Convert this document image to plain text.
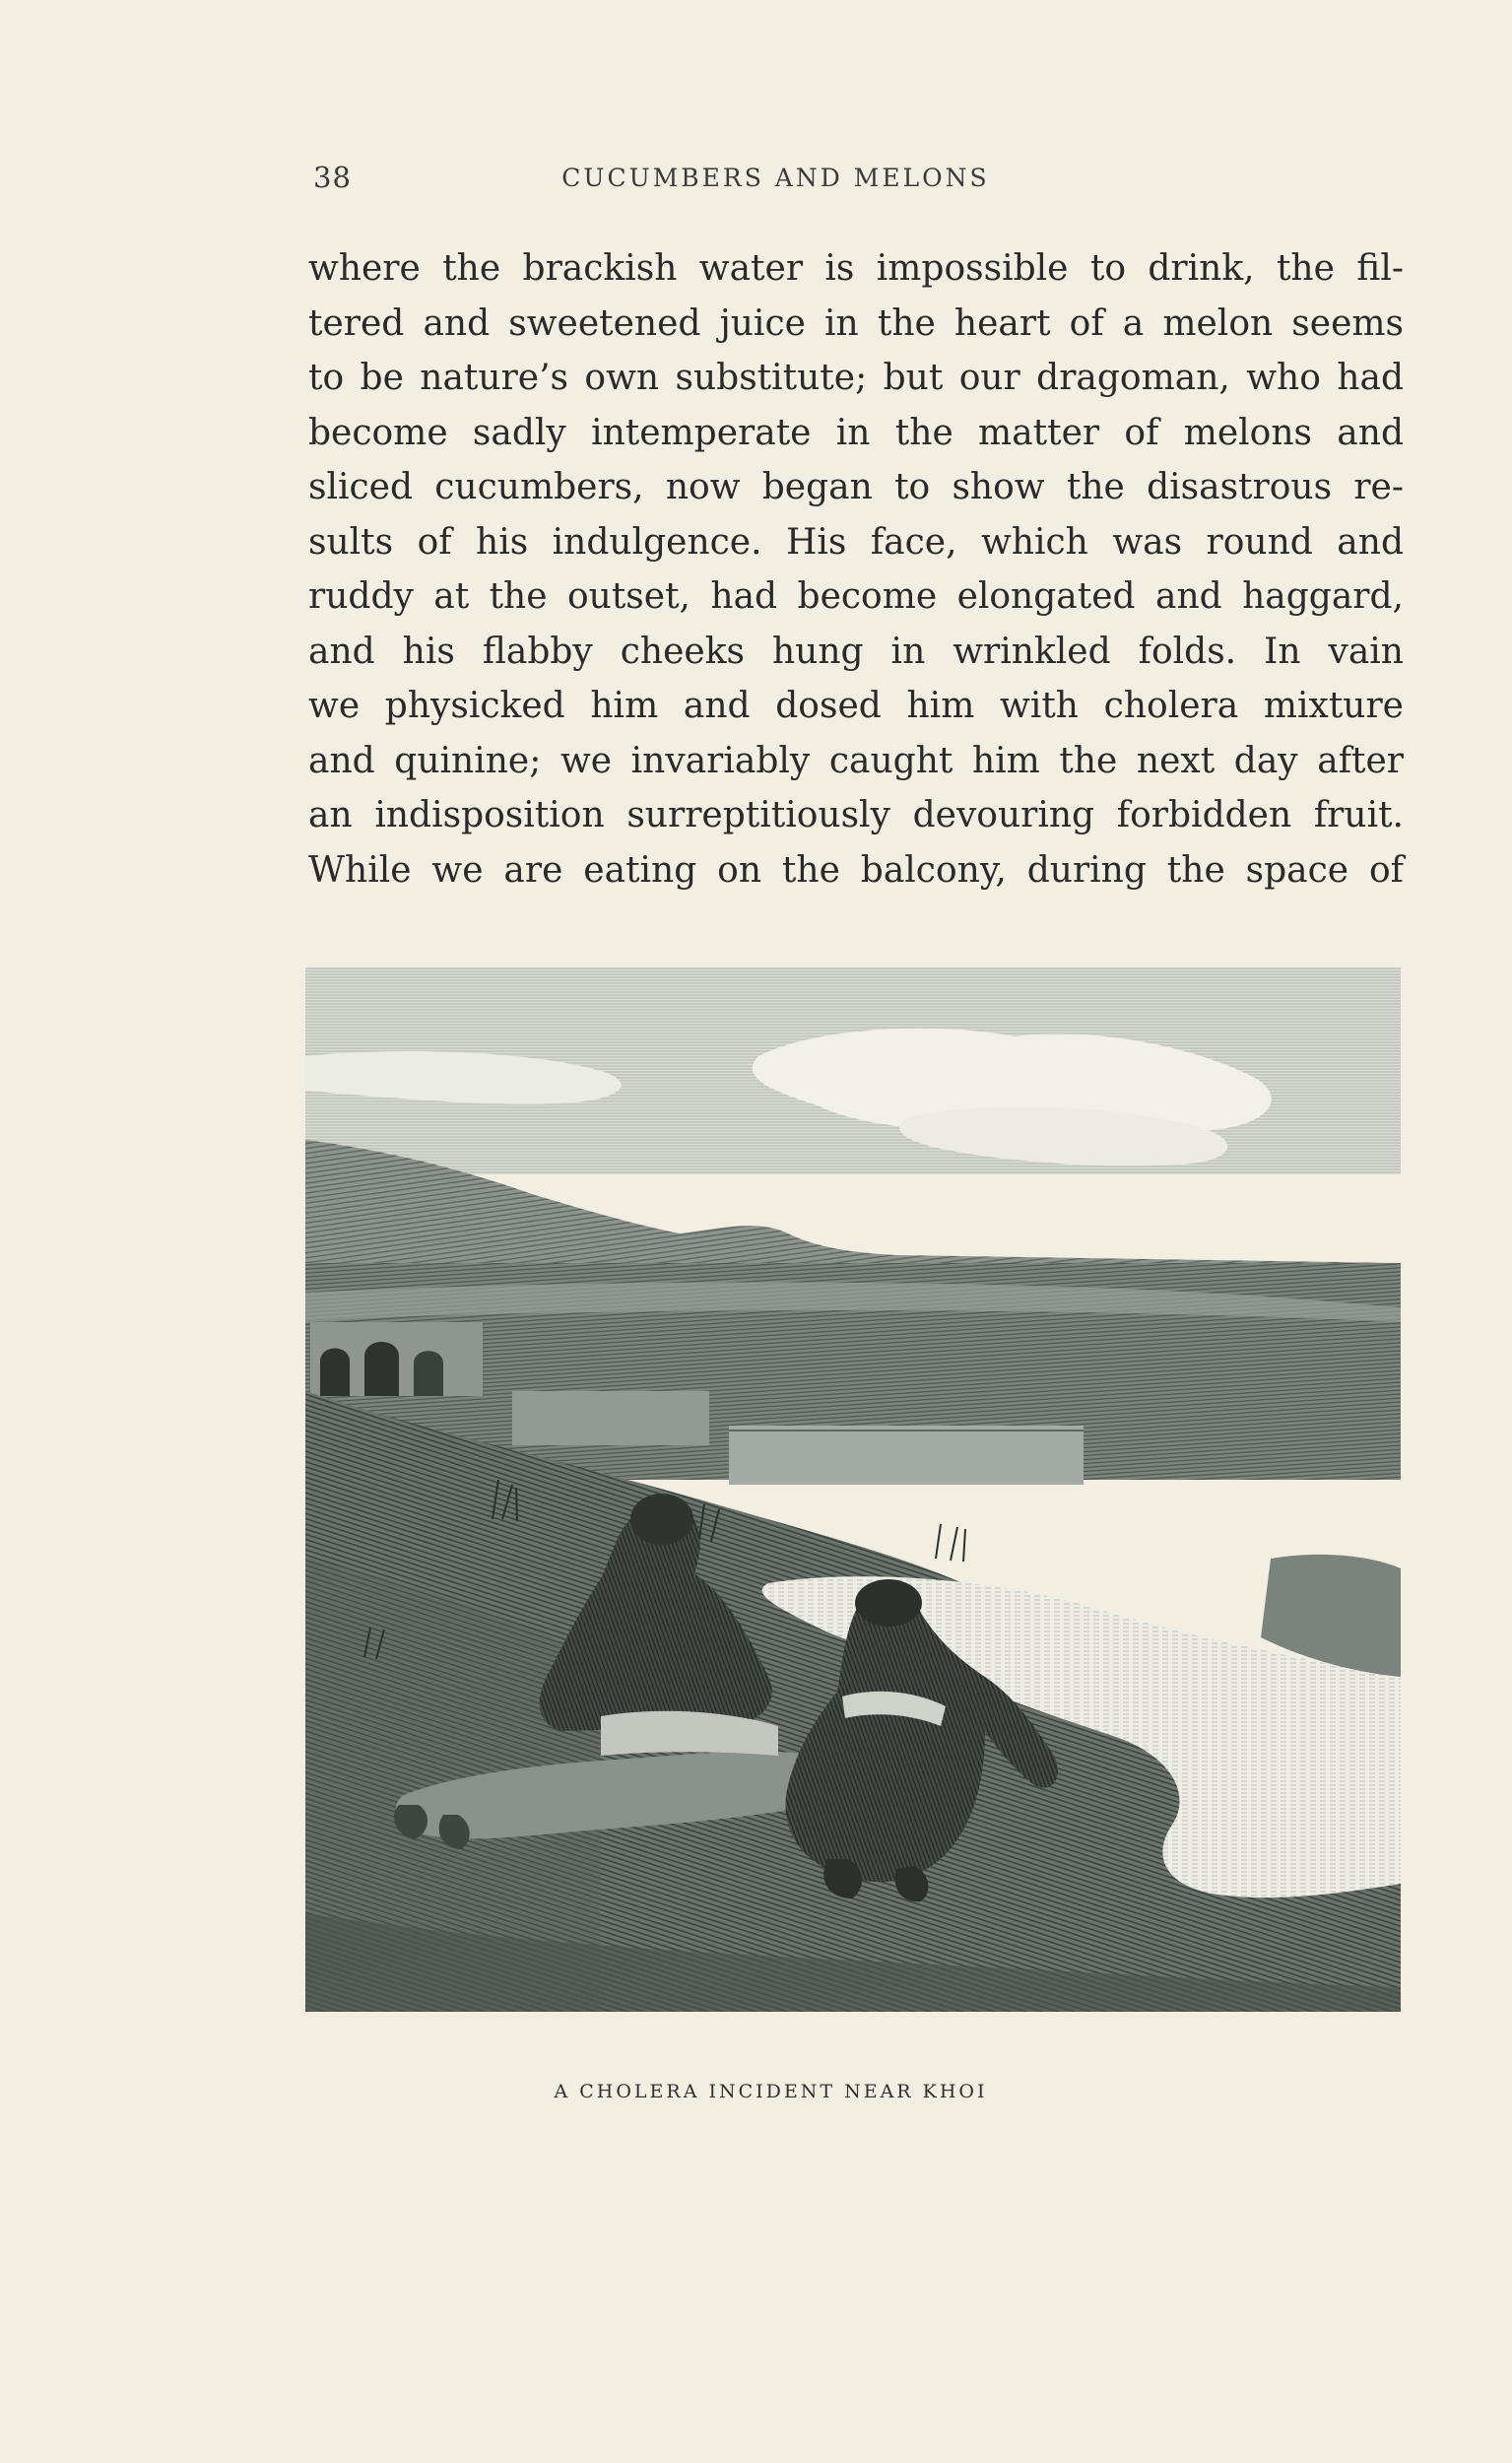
38	CUCUMBERS AND MELONS
where the brackish water is impossible to drink, the fil-
tered and sweetened juice in the heart of a melon seems
to be nature’s own substitute; but our dragoman, who had
become sadly intemperate in the matter of melons and
sliced cucumbers, now began to show the disastrous re-
sults of his indulgence. His face, which was round and
ruddy at the outset, had become elongated and haggard,
and his flabby cheeks hung in wrinkled folds. In vain
we physicked him and dosed him with cholera mixture
and quinine; we invariably caught him the next day after
an indisposition surreptitiously devouring forbidden fruit.
While we are eating on the balcony, during the space of
A CHOLERA INCIDENT NEAR KHOI
